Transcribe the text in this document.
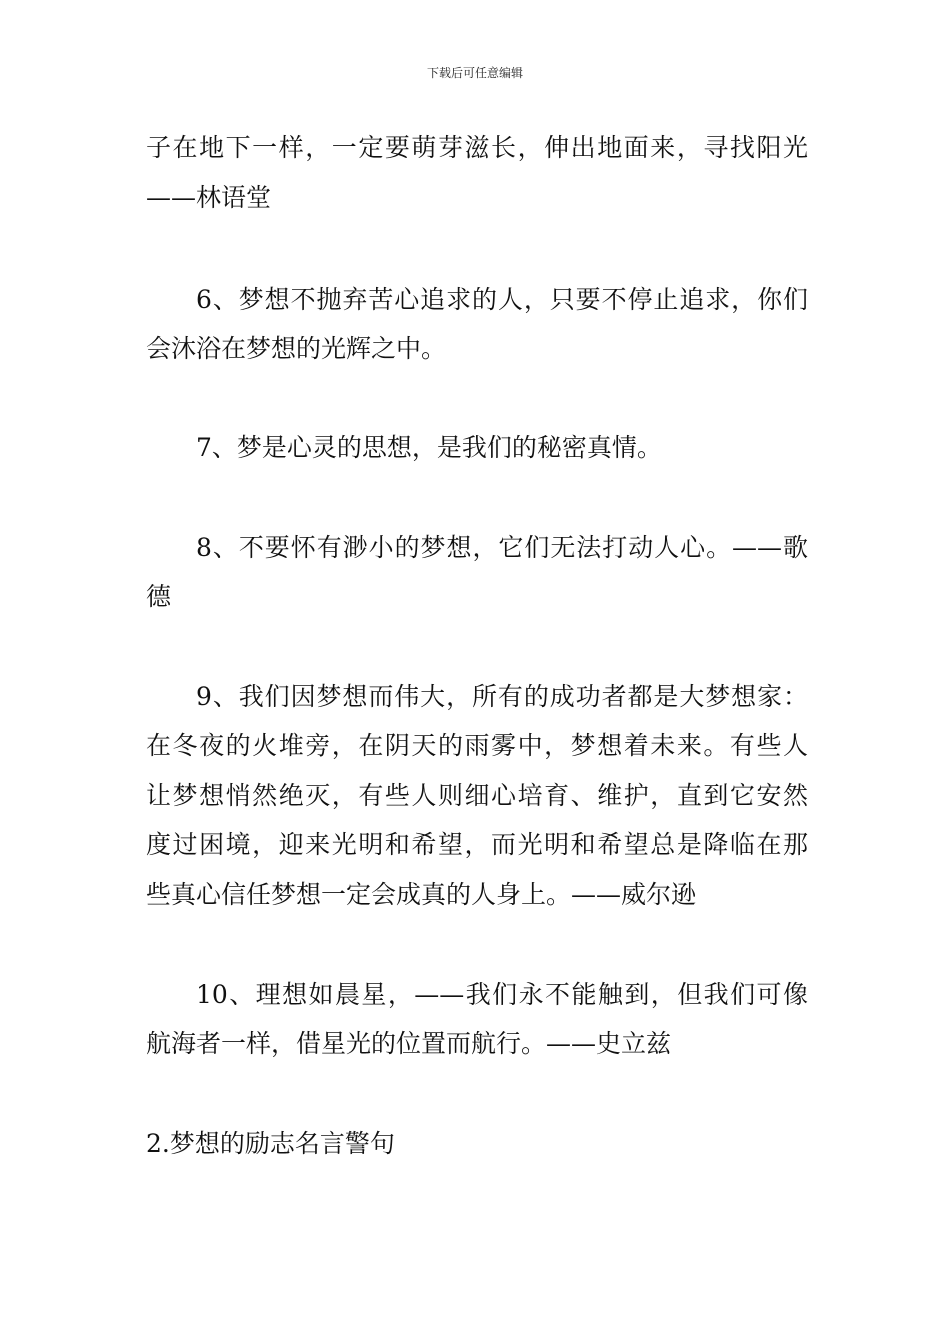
下载后可任意编辑
子在地下一样，一定要萌芽滋长，伸出地面来，寻找阳光
——林语堂
6、梦想不抛弃苦心追求的人，只要不停止追求，你们
会沐浴在梦想的光辉之中。
7、梦是心灵的思想，是我们的秘密真情。
8、不要怀有渺小的梦想，它们无法打动人心。——歌
德
9、我们因梦想而伟大，所有的成功者都是大梦想家：
在冬夜的火堆旁，在阴天的雨雾中，梦想着未来。有些人
让梦想悄然绝灭，有些人则细心培育、维护，直到它安然
度过困境，迎来光明和希望，而光明和希望总是降临在那
些真心信任梦想一定会成真的人身上。——威尔逊
10、理想如晨星，——我们永不能触到，但我们可像
航海者一样，借星光的位置而航行。——史立兹
2.梦想的励志名言警句
